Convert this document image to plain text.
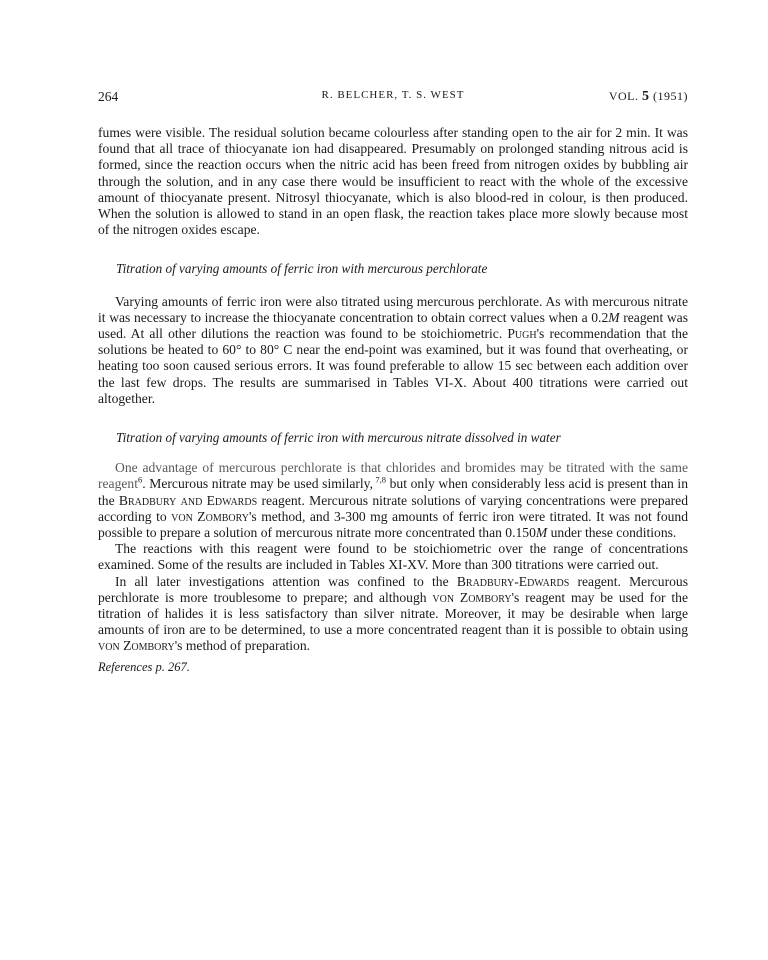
264	R. BELCHER, T. S. WEST	VOL. 5 (1951)

fumes were visible. The residual solution became colourless after standing open to the air for 2 min. It was found that all trace of thiocyanate ion had disappeared. Presumably on prolonged standing nitrous acid is formed, since the reaction occurs when the nitric acid has been freed from nitrogen oxides by bubbling air through the solution, and in any case there would be insufficient to react with the whole of the excessive amount of thiocyanate present. Nitrosyl thiocyanate, which is also blood-red in colour, is then produced. When the solution is allowed to stand in an open flask, the reaction takes place more slowly because most of the nitrogen oxides escape.

Titration of varying amounts of ferric iron with mercurous perchlorate

Varying amounts of ferric iron were also titrated using mercurous perchlorate. As with mercurous nitrate it was necessary to increase the thiocyanate concentration to obtain correct values when a 0.2M reagent was used. At all other dilutions the reaction was found to be stoichiometric. Pugh's recommendation that the solutions be heated to 60° to 80° C near the end-point was examined, but it was found that overheating, or heating too soon caused serious errors. It was found preferable to allow 15 sec between each addition over the last few drops. The results are summarised in Tables VI-X. About 400 titrations were carried out altogether.

Titration of varying amounts of ferric iron with mercurous nitrate dissolved in water

One advantage of mercurous perchlorate is that chlorides and bromides may be titrated with the same reagent$^6$. Mercurous nitrate may be used similarly, $^{7,8}$ but only when considerably less acid is present than in the Bradbury and Edwards reagent. Mercurous nitrate solutions of varying concentrations were prepared according to von Zombory's method, and 3-300 mg amounts of ferric iron were titrated. It was not found possible to prepare a solution of mercurous nitrate more concentrated than 0.150M under these conditions.

The reactions with this reagent were found to be stoichiometric over the range of concentrations examined. Some of the results are included in Tables XI-XV. More than 300 titrations were carried out.

In all later investigations attention was confined to the Bradbury-Edwards reagent. Mercurous perchlorate is more troublesome to prepare; and although von Zombory's reagent may be used for the titration of halides it is less satisfactory than silver nitrate. Moreover, it may be desirable when large amounts of iron are to be determined, to use a more concentrated reagent than it is possible to obtain using von Zombory's method of preparation.

References p. 267.
